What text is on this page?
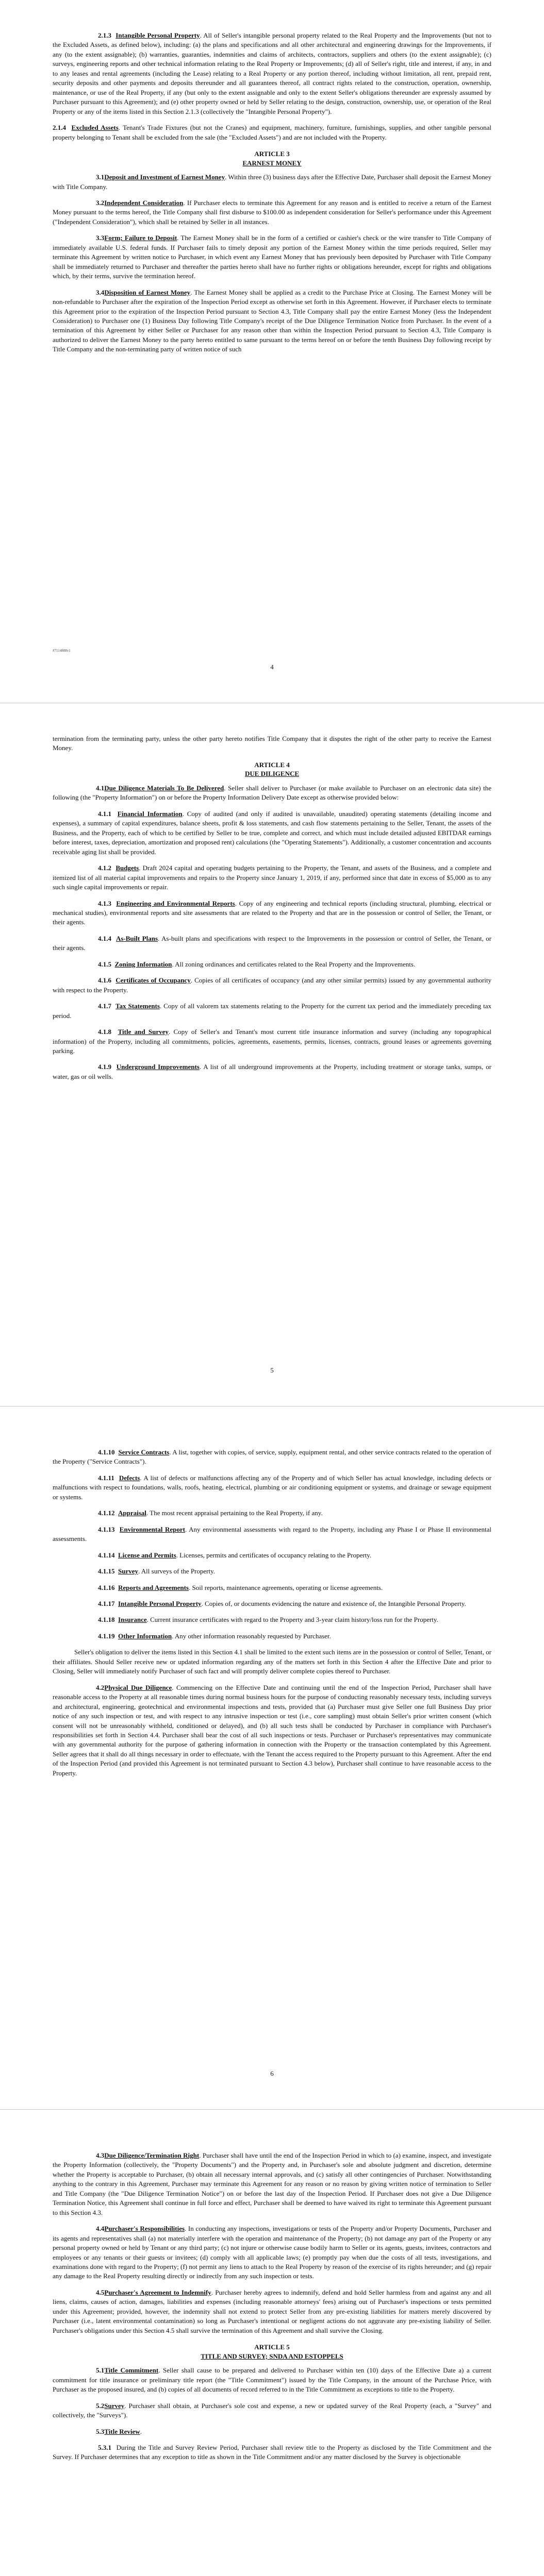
2.1.3 Intangible Personal Property. All of Seller's intangible personal property related to the Real Property and the Improvements (but not to the Excluded Assets, as defined below), including: (a) the plans and specifications and all other architectural and engineering drawings for the Improvements, if any (to the extent assignable); (b) warranties, guaranties, indemnities and claims of architects, contractors, suppliers and others (to the extent assignable); (c) surveys, engineering reports and other technical information relating to the Real Property or Improvements; (d) all of Seller's right, title and interest, if any, in and to any leases and rental agreements (including the Lease) relating to a Real Property or any portion thereof, including without limitation, all rent, prepaid rent, security deposits and other payments and deposits thereunder and all guarantees thereof, all contract rights related to the construction, operation, ownership, maintenance, or use of the Real Property, if any (but only to the extent assignable and only to the extent Seller's obligations thereunder are expressly assumed by Purchaser pursuant to this Agreement); and (e) other property owned or held by Seller relating to the design, construction, ownership, use, or operation of the Real Property or any of the items listed in this Section 2.1.3 (collectively the "Intangible Personal Property").

2.1.4 Excluded Assets. Tenant's Trade Fixtures (but not the Cranes) and equipment, machinery, furniture, furnishings, supplies, and other tangible personal property belonging to Tenant shall be excluded from the sale (the "Excluded Assets") and are not included with the Property.

ARTICLE 3
EARNEST MONEY

3.1Deposit and Investment of Earnest Money. Within three (3) business days after the Effective Date, Purchaser shall deposit the Earnest Money with Title Company.

3.2Independent Consideration. If Purchaser elects to terminate this Agreement for any reason and is entitled to receive a return of the Earnest Money pursuant to the terms hereof, the Title Company shall first disburse to $100.00 as independent consideration for Seller's performance under this Agreement ("Independent Consideration"), which shall be retained by Seller in all instances.

3.3Form; Failure to Deposit. The Earnest Money shall be in the form of a certified or cashier's check or the wire transfer to Title Company of immediately available U.S. federal funds. If Purchaser fails to timely deposit any portion of the Earnest Money within the time periods required, Seller may terminate this Agreement by written notice to Purchaser, in which event any Earnest Money that has previously been deposited by Purchaser with Title Company shall be immediately returned to Purchaser and thereafter the parties hereto shall have no further rights or obligations hereunder, except for rights and obligations which, by their terms, survive the termination hereof.

3.4Disposition of Earnest Money. The Earnest Money shall be applied as a credit to the Purchase Price at Closing. The Earnest Money will be non-refundable to Purchaser after the expiration of the Inspection Period except as otherwise set forth in this Agreement. However, if Purchaser elects to terminate this Agreement prior to the expiration of the Inspection Period pursuant to Section 4.3, Title Company shall pay the entire Earnest Money (less the Independent Consideration) to Purchaser one (1) Business Day following Title Company's receipt of the Due Diligence Termination Notice from Purchaser. In the event of a termination of this Agreement by either Seller or Purchaser for any reason other than within the Inspection Period pursuant to Section 4.3, Title Company is authorized to deliver the Earnest Money to the party hereto entitled to same pursuant to the terms hereof on or before the tenth Business Day following receipt by Title Company and the non-terminating party of written notice of such

#7114808v1
4

termination from the terminating party, unless the other party hereto notifies Title Company that it disputes the right of the other party to receive the Earnest Money.

ARTICLE 4
DUE DILIGENCE

4.1Due Diligence Materials To Be Delivered. Seller shall deliver to Purchaser (or make available to Purchaser on an electronic data site) the following (the "Property Information") on or before the Property Information Delivery Date except as otherwise provided below:

4.1.1 Financial Information. Copy of audited (and only if audited is unavailable, unaudited) operating statements (detailing income and expenses), a summary of capital expenditures, balance sheets, profit & loss statements, and cash flow statements pertaining to the Seller, Tenant, the assets of the Business, and the Property, each of which to be certified by Seller to be true, complete and correct, and which must include detailed adjusted EBITDAR earnings before interest, taxes, depreciation, amortization and proposed rent) calculations (the "Operating Statements"). Additionally, a customer concentration and accounts receivable aging list shall be provided.

4.1.2 Budgets. Draft 2024 capital and operating budgets pertaining to the Property, the Tenant, and assets of the Business, and a complete and itemized list of all material capital improvements and repairs to the Property since January 1, 2019, if any, performed since that date in excess of $5,000 as to any such single capital improvements or repair.

4.1.3 Engineering and Environmental Reports. Copy of any engineering and technical reports (including structural, plumbing, electrical or mechanical studies), environmental reports and site assessments that are related to the Property and that are in the possession or control of Seller, the Tenant, or their agents.

4.1.4 As-Built Plans. As-built plans and specifications with respect to the Improvements in the possession or control of Seller, the Tenant, or their agents.

4.1.5 Zoning Information. All zoning ordinances and certificates related to the Real Property and the Improvements.

4.1.6 Certificates of Occupancy. Copies of all certificates of occupancy (and any other similar permits) issued by any governmental authority with respect to the Property.

4.1.7 Tax Statements. Copy of all valorem tax statements relating to the Property for the current tax period and the immediately preceding tax period.

4.1.8 Title and Survey. Copy of Seller's and Tenant's most current title insurance information and survey (including any topographical information) of the Property, including all commitments, policies, agreements, easements, permits, licenses, contracts, ground leases or agreements governing parking.

4.1.9 Underground Improvements. A list of all underground improvements at the Property, including treatment or storage tanks, sumps, or water, gas or oil wells.

5

4.1.10 Service Contracts. A list, together with copies, of service, supply, equipment rental, and other service contracts related to the operation of the Property ("Service Contracts").

4.1.11 Defects. A list of defects or malfunctions affecting any of the Property and of which Seller has actual knowledge, including defects or malfunctions with respect to foundations, walls, roofs, heating, electrical, plumbing or air conditioning equipment or systems, and drainage or sewage equipment or systems.

4.1.12 Appraisal. The most recent appraisal pertaining to the Real Property, if any.

4.1.13 Environmental Report. Any environmental assessments with regard to the Property, including any Phase I or Phase II environmental assessments.

4.1.14 License and Permits. Licenses, permits and certificates of occupancy relating to the Property.

4.1.15 Survey. All surveys of the Property.

4.1.16 Reports and Agreements. Soil reports, maintenance agreements, operating or license agreements.

4.1.17 Intangible Personal Property. Copies of, or documents evidencing the nature and existence of, the Intangible Personal Property.

4.1.18 Insurance. Current insurance certificates with regard to the Property and 3-year claim history/loss run for the Property.

4.1.19 Other Information. Any other information reasonably requested by Purchaser.

Seller's obligation to deliver the items listed in this Section 4.1 shall be limited to the extent such items are in the possession or control of Seller, Tenant, or their affiliates. Should Seller receive new or updated information regarding any of the matters set forth in this Section 4 after the Effective Date and prior to Closing, Seller will immediately notify Purchaser of such fact and will promptly deliver complete copies thereof to Purchaser.

4.2Physical Due Diligence. Commencing on the Effective Date and continuing until the end of the Inspection Period, Purchaser shall have reasonable access to the Property at all reasonable times during normal business hours for the purpose of conducting reasonably necessary tests, including surveys and architectural, engineering, geotechnical and environmental inspections and tests, provided that (a) Purchaser must give Seller one full Business Day prior notice of any such inspection or test, and with respect to any intrusive inspection or test (i.e., core sampling) must obtain Seller's prior written consent (which consent will not be unreasonably withheld, conditioned or delayed), and (b) all such tests shall be conducted by Purchaser in compliance with Purchaser's responsibilities set forth in Section 4.4. Purchaser shall bear the cost of all such inspections or tests. Purchaser or Purchaser's representatives may communicate with any governmental authority for the purpose of gathering information in connection with the Property or the transaction contemplated by this Agreement. Seller agrees that it shall do all things necessary in order to effectuate, with the Tenant the access required to the Property pursuant to this Agreement. After the end of the Inspection Period (and provided this Agreement is not terminated pursuant to Section 4.3 below), Purchaser shall continue to have reasonable access to the Property.

6

4.3Due Diligence/Termination Right. Purchaser shall have until the end of the Inspection Period in which to (a) examine, inspect, and investigate the Property Information (collectively, the "Property Documents") and the Property and, in Purchaser's sole and absolute judgment and discretion, determine whether the Property is acceptable to Purchaser, (b) obtain all necessary internal approvals, and (c) satisfy all other contingencies of Purchaser. Notwithstanding anything to the contrary in this Agreement, Purchaser may terminate this Agreement for any reason or no reason by giving written notice of termination to Seller and Title Company (the "Due Diligence Termination Notice") on or before the last day of the Inspection Period. If Purchaser does not give a Due Diligence Termination Notice, this Agreement shall continue in full force and effect, Purchaser shall be deemed to have waived its right to terminate this Agreement pursuant to this Section 4.3.

4.4Purchaser's Responsibilities. In conducting any inspections, investigations or tests of the Property and/or Property Documents, Purchaser and its agents and representatives shall (a) not materially interfere with the operation and maintenance of the Property; (b) not damage any part of the Property or any personal property owned or held by Tenant or any third party; (c) not injure or otherwise cause bodily harm to Seller or its agents, guests, invitees, contractors and employees or any tenants or their guests or invitees; (d) comply with all applicable laws; (e) promptly pay when due the costs of all tests, investigations, and examinations done with regard to the Property; (f) not permit any liens to attach to the Real Property by reason of the exercise of its rights hereunder; and (g) repair any damage to the Real Property resulting directly or indirectly from any such inspection or tests.

4.5Purchaser's Agreement to Indemnify. Purchaser hereby agrees to indemnify, defend and hold Seller harmless from and against any and all liens, claims, causes of action, damages, liabilities and expenses (including reasonable attorneys' fees) arising out of Purchaser's inspections or tests permitted under this Agreement; provided, however, the indemnity shall not extend to protect Seller from any pre-existing liabilities for matters merely discovered by Purchaser (i.e., latent environmental contamination) so long as Purchaser's intentional or negligent actions do not aggravate any pre-existing liability of Seller. Purchaser's obligations under this Section 4.5 shall survive the termination of this Agreement and shall survive the Closing.

ARTICLE 5
TITLE AND SURVEY; SNDA AND ESTOPPELS

5.1Title Commitment. Seller shall cause to be prepared and delivered to Purchaser within ten (10) days of the Effective Date a) a current commitment for title insurance or preliminary title report (the "Title Commitment") issued by the Title Company, in the amount of the Purchase Price, with Purchaser as the proposed insured, and (b) copies of all documents of record referred to in the Title Commitment as exceptions to title to the Property.

5.2Survey. Purchaser shall obtain, at Purchaser's sole cost and expense, a new or updated survey of the Real Property (each, a "Survey" and collectively, the "Surveys").

5.3Title Review.

5.3.1 During the Title and Survey Review Period, Purchaser shall review title to the Property as disclosed by the Title Commitment and the Survey. If Purchaser determines that any exception to title as shown in the Title Commitment and/or any matter disclosed by the Survey is objectionable
